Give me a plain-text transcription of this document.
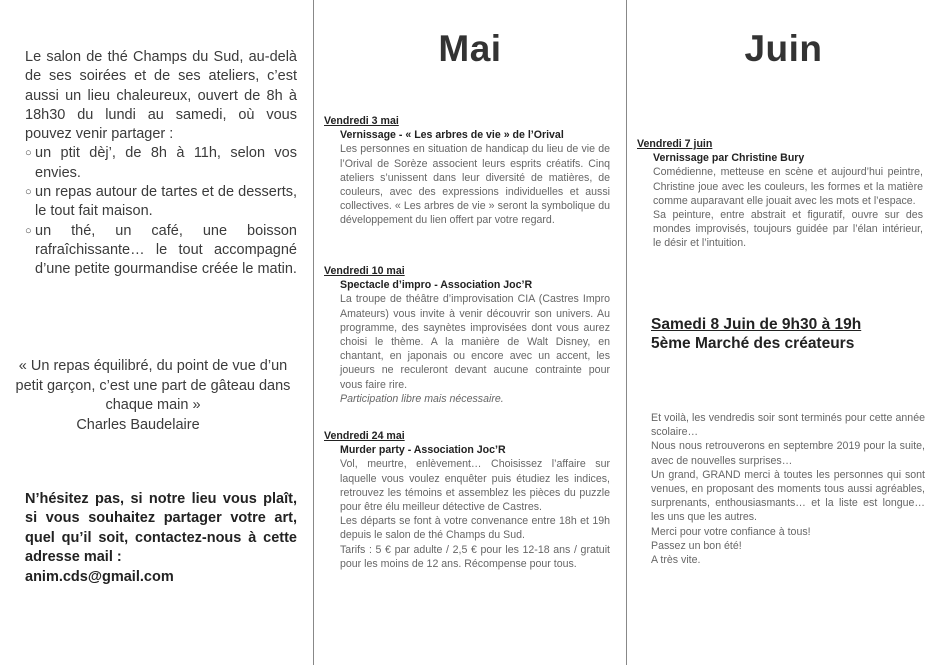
Le salon de thé Champs du Sud, au-delà de ses soirées et de ses ateliers, c’est aussi un lieu chaleureux, ouvert de 8h à 18h30 du lundi au samedi, où vous pouvez venir partager :

○ un ptit dèj’, de 8h à 11h, selon vos envies.
○ un repas autour de tartes et de desserts, le tout fait maison.
○ un thé, un café, une boisson rafraîchissante… le tout accompagné d’une petite gourmandise créée le matin.
« Un repas équilibré, du point de vue d’un petit garçon, c’est une part de gâteau dans chaque main »
Charles Baudelaire
N’hésitez pas, si notre lieu vous plaît, si vous souhaitez partager votre art, quel qu’il soit, contactez-nous à cette adresse mail :
anim.cds@gmail.com
Mai
Vendredi 3 mai
Vernissage - « Les arbres de vie » de l’Orival
Les personnes en situation de handicap du lieu de vie de l’Orival de Sorèze associent leurs esprits créatifs. Cinq ateliers s’unissent dans leur diversité de matières, de couleurs, avec des expressions individuelles et aussi collectives. « Les arbres de vie » seront la symbolique du développement du lien offert par votre regard.
Vendredi 10 mai
Spectacle d’impro - Association Joc’R
La troupe de théâtre d’improvisation CIA (Castres Impro Amateurs) vous invite à venir découvrir son univers. Au programme, des saynètes improvisées dont vous aurez choisi le thème. A la manière de Walt Disney, en chantant, en japonais ou encore avec un accent, les joueurs ne reculeront devant aucune contrainte pour vous faire rire.
Participation libre mais nécessaire.
Vendredi 24 mai
Murder party - Association Joc’R
Vol, meurtre, enlèvement… Choisissez l’affaire sur laquelle vous voulez enquêter puis étudiez les indices, retrouvez les témoins et assemblez les pièces du puzzle pour être élu meilleur détective de Castres.
Les départs se font à votre convenance entre 18h et 19h depuis le salon de thé Champs du Sud.
Tarifs : 5 € par adulte / 2,5 € pour les 12-18 ans / gratuit pour les moins de 12 ans. Récompense pour tous.
Juin
Vendredi 7 juin
Vernissage par Christine Bury
Comédienne, metteuse en scène et aujourd’hui peintre, Christine joue avec les couleurs, les formes et la matière comme auparavant elle jouait avec les mots et l’espace.
Sa peinture, entre abstrait et figuratif, ouvre sur des mondes improvisés, toujours guidée par l’élan intérieur, le désir et l’intuition.
Samedi 8 Juin de 9h30 à 19h
5ème Marché des créateurs
Et voilà, les vendredis soir sont terminés pour cette année scolaire…
Nous nous retrouverons en septembre 2019 pour la suite, avec de nouvelles surprises…
Un grand, GRAND merci à toutes les personnes qui sont venues, en proposant des moments tous aussi agréables, surprenants, enthousiasmants… et la liste est longue… les uns que les autres.
Merci pour votre confiance à tous!
Passez un bon été!
A très vite.
